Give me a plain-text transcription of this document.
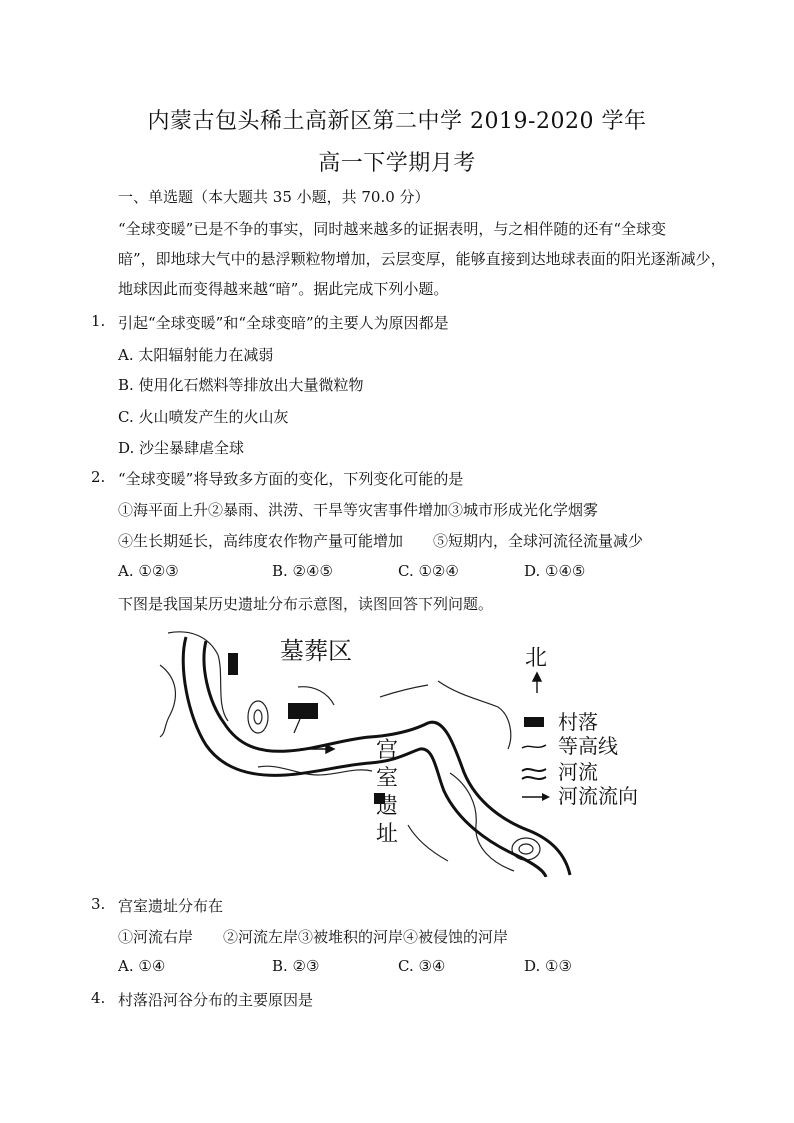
内蒙古包头稀土高新区第二中学 2019-2020 学年
高一下学期月考
一、单选题（本大题共 35 小题，共 70.0 分）
“全球变暖”已是不争的事实，同时越来越多的证据表明，与之相伴随的还有“全球变
暗”，即地球大气中的悬浮颗粒物增加，云层变厚，能够直接到达地球表面的阳光逐渐减少，
地球因此而变得越来越“暗”。据此完成下列小题。
1. 引起“全球变暖”和“全球变暗”的主要人为原因都是
A. 太阳辐射能力在减弱
B. 使用化石燃料等排放出大量微粒物
C. 火山喷发产生的火山灰
D. 沙尘暴肆虐全球
2. “全球变暖”将导致多方面的变化，下列变化可能的是
①海平面上升②暴雨、洪涝、干旱等灾害事件增加③城市形成光化学烟雾
④生长期延长，高纬度农作物产量可能增加　　⑤短期内，全球河流径流量减少
A. ①②③	B. ②④⑤	C. ①②④	D. ①④⑤
下图是我国某历史遗址分布示意图，读图回答下列问题。
墓葬区
宫
室
遗
址
北
村落
等高线
河流
河流流向
3. 宫室遗址分布在
①河流右岸　　②河流左岸③被堆积的河岸④被侵蚀的河岸
A. ①④	B. ②③	C. ③④	D. ①③
4. 村落沿河谷分布的主要原因是
